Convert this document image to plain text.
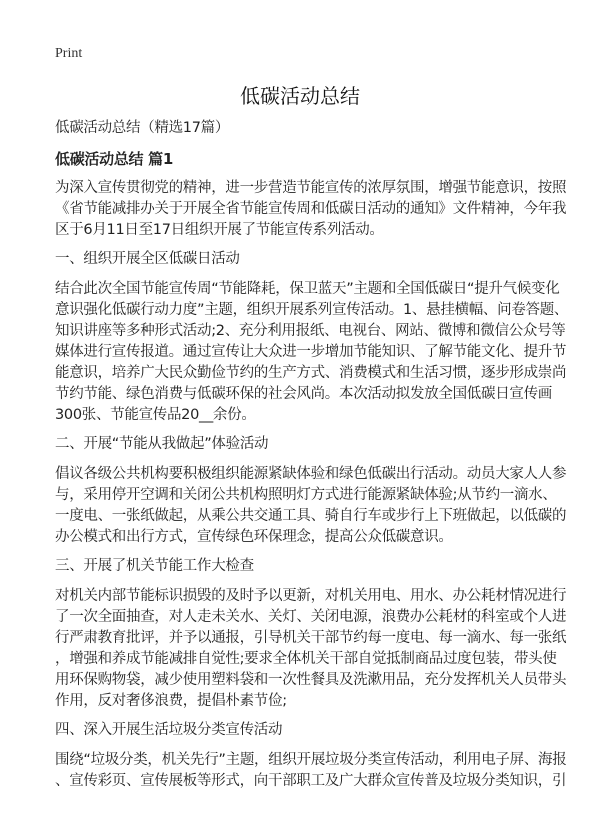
Print
低碳活动总结
低碳活动总结（精选17篇）
低碳活动总结 篇1
为深入宣传贯彻党的精神，进一步营造节能宣传的浓厚氛围，增强节能意识，按照
《省节能减排办关于开展全省节能宣传周和低碳日活动的通知》文件精神，今年我
区于6月11日至17日组织开展了节能宣传系列活动。
一、组织开展全区低碳日活动
结合此次全国节能宣传周“节能降耗，保卫蓝天”主题和全国低碳日“提升气候变化
意识强化低碳行动力度”主题，组织开展系列宣传活动。1、悬挂横幅、问卷答题、
知识讲座等多种形式活动;2、充分利用报纸、电视台、网站、微博和微信公众号等
媒体进行宣传报道。通过宣传让大众进一步增加节能知识、了解节能文化、提升节
能意识，培养广大民众勤俭节约的生产方式、消费模式和生活习惯，逐步形成崇尚
节约节能、绿色消费与低碳环保的社会风尚。本次活动拟发放全国低碳日宣传画
300张、节能宣传品20__余份。
二、开展“节能从我做起”体验活动
倡议各级公共机构要积极组织能源紧缺体验和绿色低碳出行活动。动员大家人人参
与，采用停开空调和关闭公共机构照明灯方式进行能源紧缺体验;从节约一滴水、
一度电、一张纸做起，从乘公共交通工具、骑自行车或步行上下班做起，以低碳的
办公模式和出行方式，宣传绿色环保理念，提高公众低碳意识。
三、开展了机关节能工作大检查
对机关内部节能标识损毁的及时予以更新，对机关用电、用水、办公耗材情况进行
了一次全面抽查，对人走未关水、关灯、关闭电源，浪费办公耗材的科室或个人进
行严肃教育批评，并予以通报，引导机关干部节约每一度电、每一滴水、每一张纸
，增强和养成节能减排自觉性;要求全体机关干部自觉抵制商品过度包装，带头使
用环保购物袋，减少使用塑料袋和一次性餐具及洗漱用品，充分发挥机关人员带头
作用，反对奢侈浪费，提倡朴素节俭;
四、深入开展生活垃圾分类宣传活动
围绕“垃圾分类，机关先行”主题，组织开展垃圾分类宣传活动，利用电子屏、海报
、宣传彩页、宣传展板等形式，向干部职工及广大群众宣传普及垃圾分类知识，引
